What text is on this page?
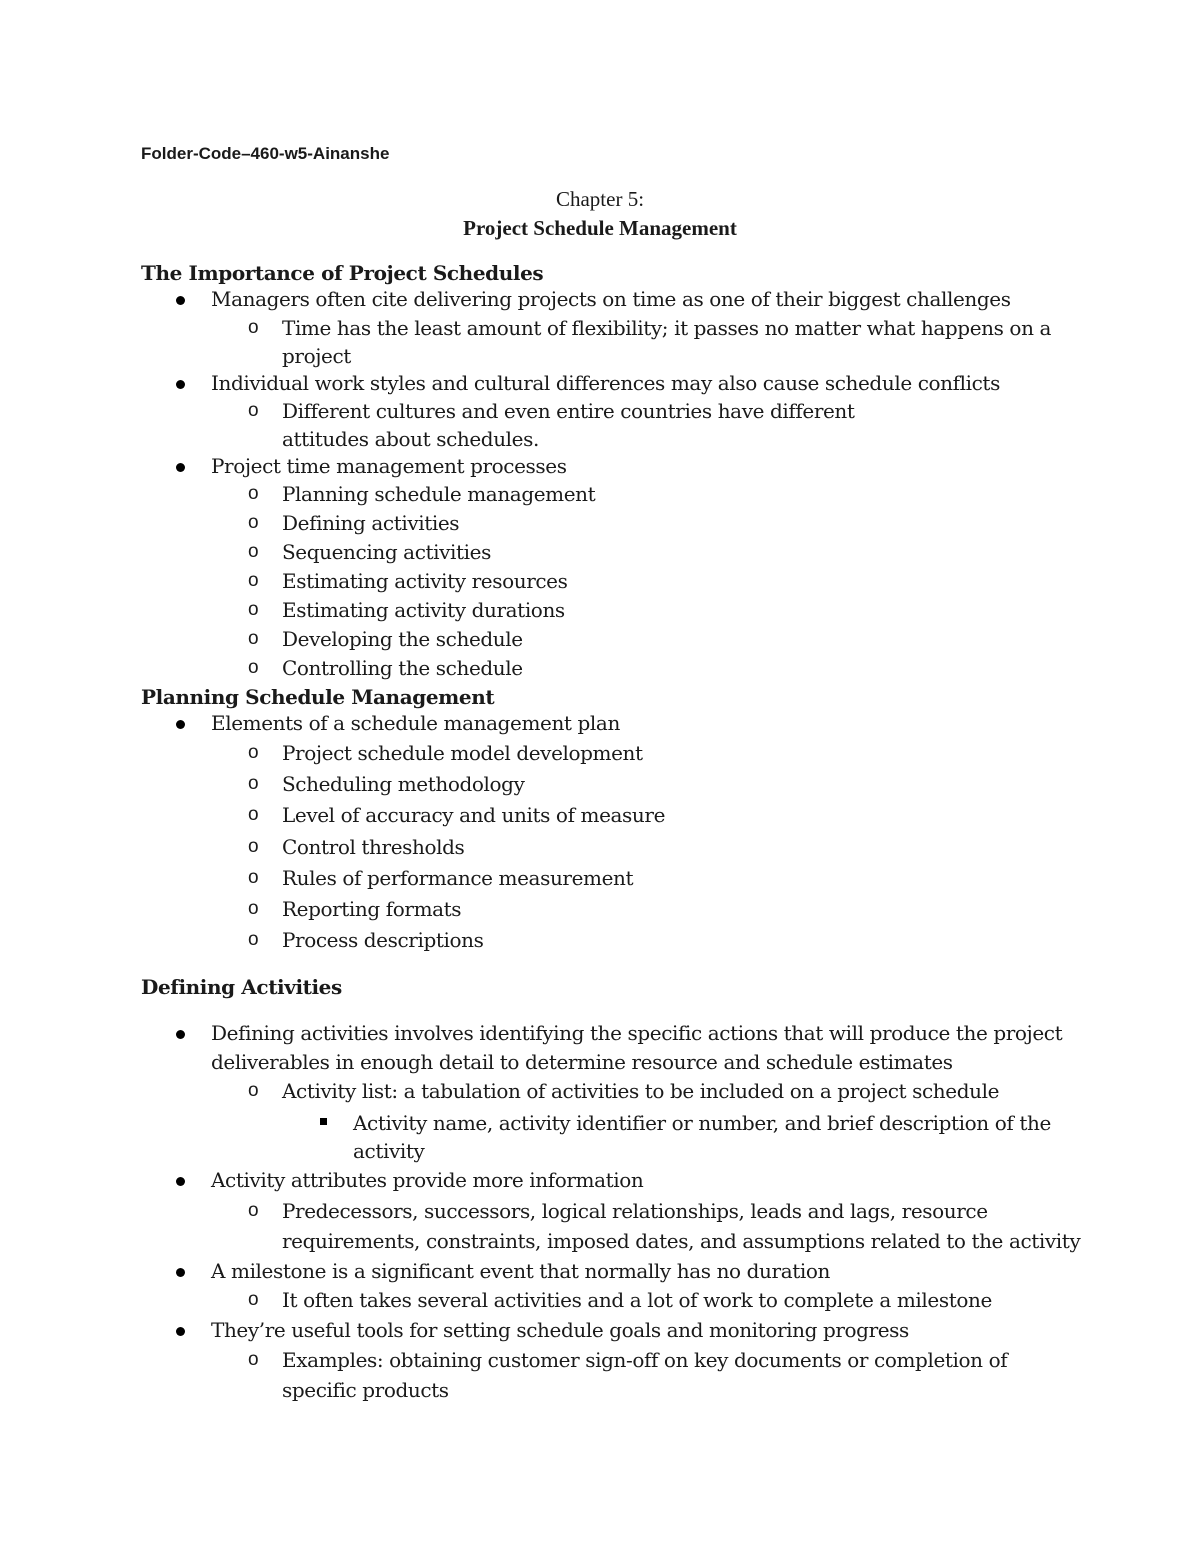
Folder-Code–460-w5-Ainanshe
Chapter 5:
Project Schedule Management
The Importance of Project Schedules
Managers often cite delivering projects on time as one of their biggest challenges
o Time has the least amount of flexibility; it passes no matter what happens on a
project
Individual work styles and cultural differences may also cause schedule conflicts
o Different cultures and even entire countries have different
attitudes about schedules.
Project time management processes
o Planning schedule management
o Defining activities
o Sequencing activities
o Estimating activity resources
o Estimating activity durations
o Developing the schedule
o Controlling the schedule
Planning Schedule Management
Elements of a schedule management plan
o Project schedule model development
o Scheduling methodology
o Level of accuracy and units of measure
o Control thresholds
o Rules of performance measurement
o Reporting formats
o Process descriptions
Defining Activities
Defining activities involves identifying the specific actions that will produce the project
deliverables in enough detail to determine resource and schedule estimates
o Activity list: a tabulation of activities to be included on a project schedule
Activity name, activity identifier or number, and brief description of the
activity
Activity attributes provide more information
o Predecessors, successors, logical relationships, leads and lags, resource
requirements, constraints, imposed dates, and assumptions related to the activity
A milestone is a significant event that normally has no duration
o It often takes several activities and a lot of work to complete a milestone
They’re useful tools for setting schedule goals and monitoring progress
o Examples: obtaining customer sign-off on key documents or completion of
specific products
